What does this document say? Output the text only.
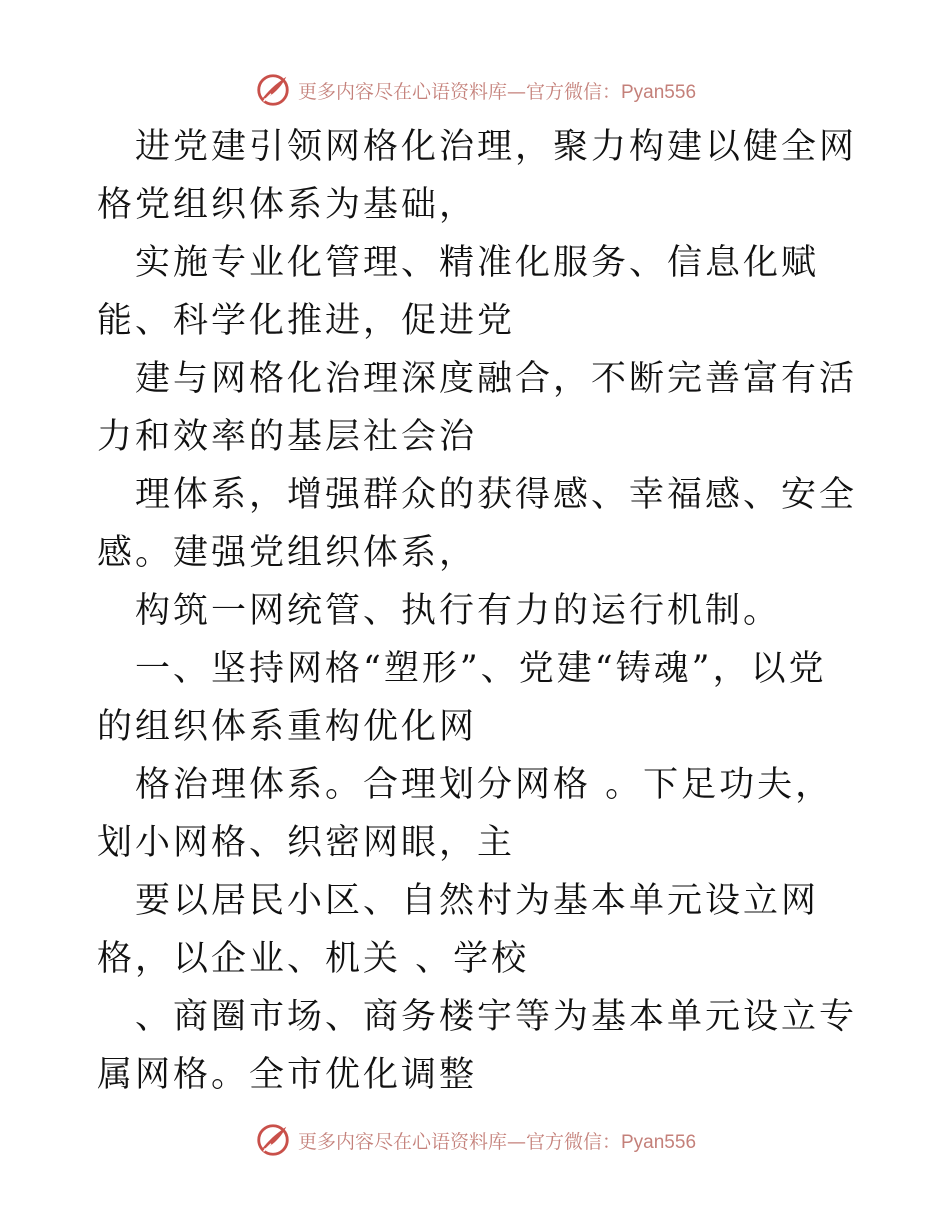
更多内容尽在心语资料库—官方微信：Pyan556

进党建引领网格化治理，聚力构建以健全网格党组织体系为基础，

实施专业化管理、精准化服务、信息化赋能、科学化推进，促进党

建与网格化治理深度融合，不断完善富有活力和效率的基层社会治

理体系，增强群众的获得感、幸福感、安全感。建强党组织体系，

构筑一网统管、执行有力的运行机制。

一、坚持网格“塑形”、党建“铸魂”，以党的组织体系重构优化网

格治理体系。合理划分网格 。下足功夫，划小网格、织密网眼，主

要以居民小区、自然村为基本单元设立网格，以企业、机关 、学校

、商圈市场、商务楼宇等为基本单元设立专属网格。全市优化调整

更多内容尽在心语资料库—官方微信：Pyan556
